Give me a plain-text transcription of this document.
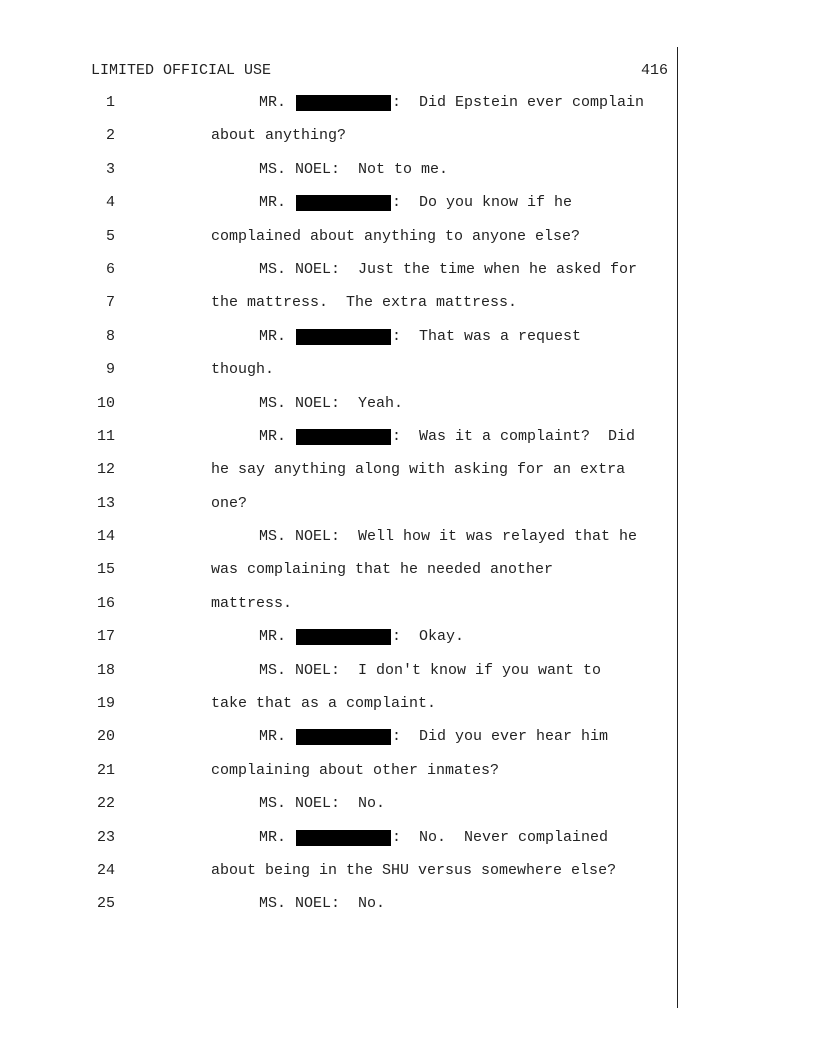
LIMITED OFFICIAL USE	416
1	MR.	:  Did Epstein ever complain
2	about anything?
3	MS. NOEL:  Not to me.
4	MR.	:  Do you know if he
5	complained about anything to anyone else?
6	MS. NOEL:  Just the time when he asked for
7	the mattress.  The extra mattress.
8	MR.	:  That was a request
9	though.
10	MS. NOEL:  Yeah.
11	MR.	:  Was it a complaint?  Did
12	he say anything along with asking for an extra
13	one?
14	MS. NOEL:  Well how it was relayed that he
15	was complaining that he needed another
16	mattress.
17	MR.	:  Okay.
18	MS. NOEL:  I don't know if you want to
19	take that as a complaint.
20	MR.	:  Did you ever hear him
21	complaining about other inmates?
22	MS. NOEL:  No.
23	MR.	:  No.  Never complained
24	about being in the SHU versus somewhere else?
25	MS. NOEL:  No.
